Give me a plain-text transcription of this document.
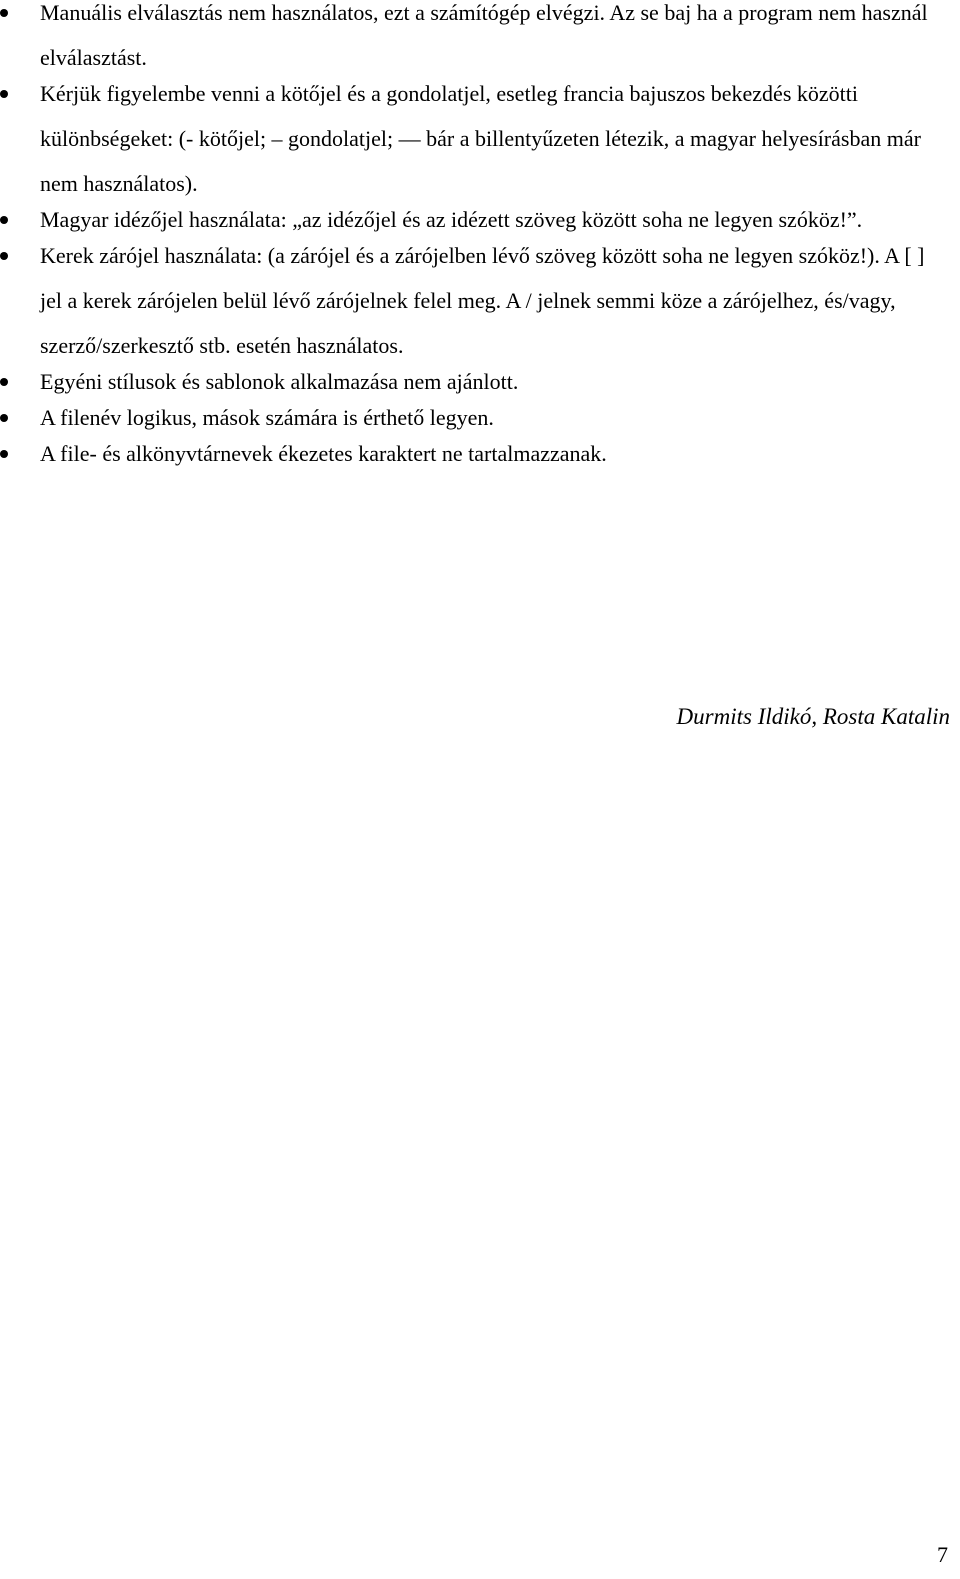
Manuális elválasztás nem használatos, ezt a számítógép elvégzi. Az se baj ha a program nem használ elválasztást.
Kérjük figyelembe venni a kötőjel és a gondolatjel, esetleg francia bajuszos bekezdés közötti különbségeket: (- kötőjel; – gondolatjel; — bár a billentyűzeten létezik, a magyar helyesírásban már nem használatos).
Magyar idézőjel használata: „az idézőjel és az idézett szöveg között soha ne legyen szóköz!”.
Kerek zárójel használata: (a zárójel és a zárójelben lévő szöveg között soha ne legyen szóköz!). A [ ] jel a kerek zárójelen belül lévő zárójelnek felel meg. A / jelnek semmi köze a zárójelhez, és/vagy, szerző/szerkesztő stb. esetén használatos.
Egyéni stílusok és sablonok alkalmazása nem ajánlott.
A filenév logikus, mások számára is érthető legyen.
A file- és alkönyvtárnevek ékezetes karaktert ne tartalmazzanak.
Durmits Ildikó, Rosta Katalin
7
